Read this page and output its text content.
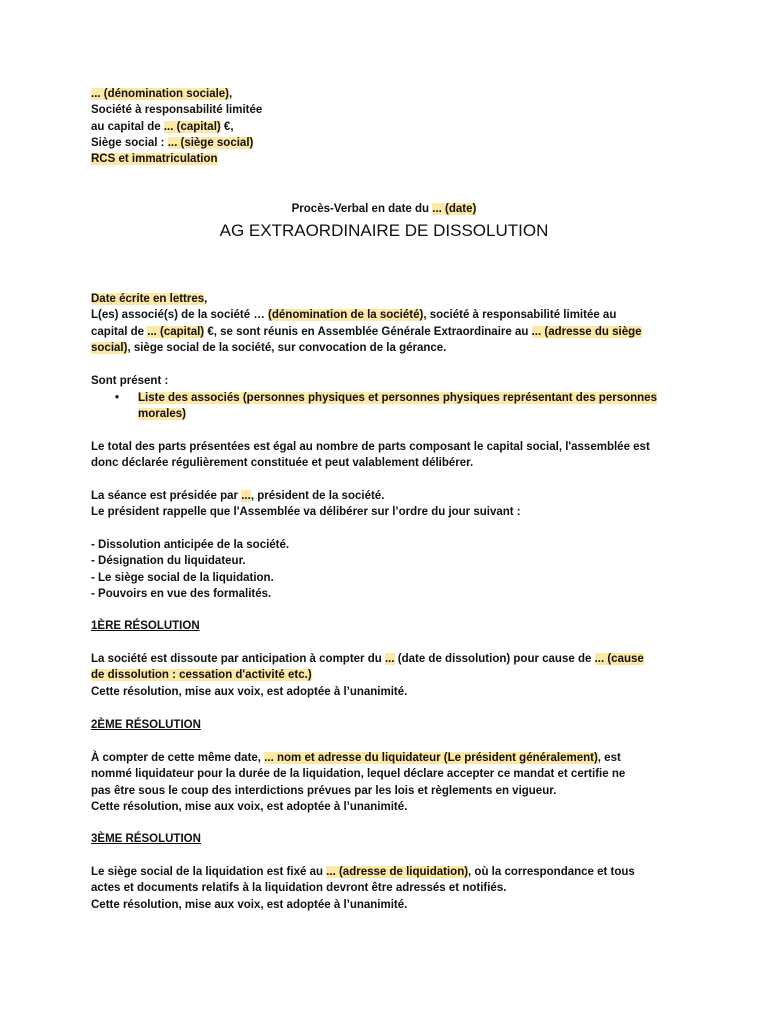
... (dénomination sociale),
Société à responsabilité limitée
au capital de ... (capital) €,
Siège social : ... (siège social)
RCS et immatriculation
Procès-Verbal en date du ... (date)
AG EXTRAORDINAIRE DE DISSOLUTION
Date écrite en lettres,
L(es) associé(s) de la société … (dénomination de la société), société à responsabilité limitée au
capital de ... (capital) €, se sont réunis en Assemblée Générale Extraordinaire au ... (adresse du siège
social), siège social de la société, sur convocation de la gérance.
Sont présent :
• Liste des associés (personnes physiques et personnes physiques représentant des personnes
morales)
Le total des parts présentées est égal au nombre de parts composant le capital social, l'assemblée est
donc déclarée régulièrement constituée et peut valablement délibérer.
La séance est présidée par ..., président de la société.
Le président rappelle que l'Assemblée va délibérer sur l’ordre du jour suivant :
- Dissolution anticipée de la société.
- Désignation du liquidateur.
- Le siège social de la liquidation.
- Pouvoirs en vue des formalités.
1ÈRE RÉSOLUTION
La société est dissoute par anticipation à compter du ... (date de dissolution) pour cause de ... (cause
de dissolution : cessation d'activité etc.)
Cette résolution, mise aux voix, est adoptée à l’unanimité.
2ÈME RÉSOLUTION
À compter de cette même date, ... nom et adresse du liquidateur (Le président généralement), est
nommé liquidateur pour la durée de la liquidation, lequel déclare accepter ce mandat et certifie ne
pas être sous le coup des interdictions prévues par les lois et règlements en vigueur.
Cette résolution, mise aux voix, est adoptée à l’unanimité.
3ÈME RÉSOLUTION
Le siège social de la liquidation est fixé au ... (adresse de liquidation), où la correspondance et tous
actes et documents relatifs à la liquidation devront être adressés et notifiés.
Cette résolution, mise aux voix, est adoptée à l’unanimité.
